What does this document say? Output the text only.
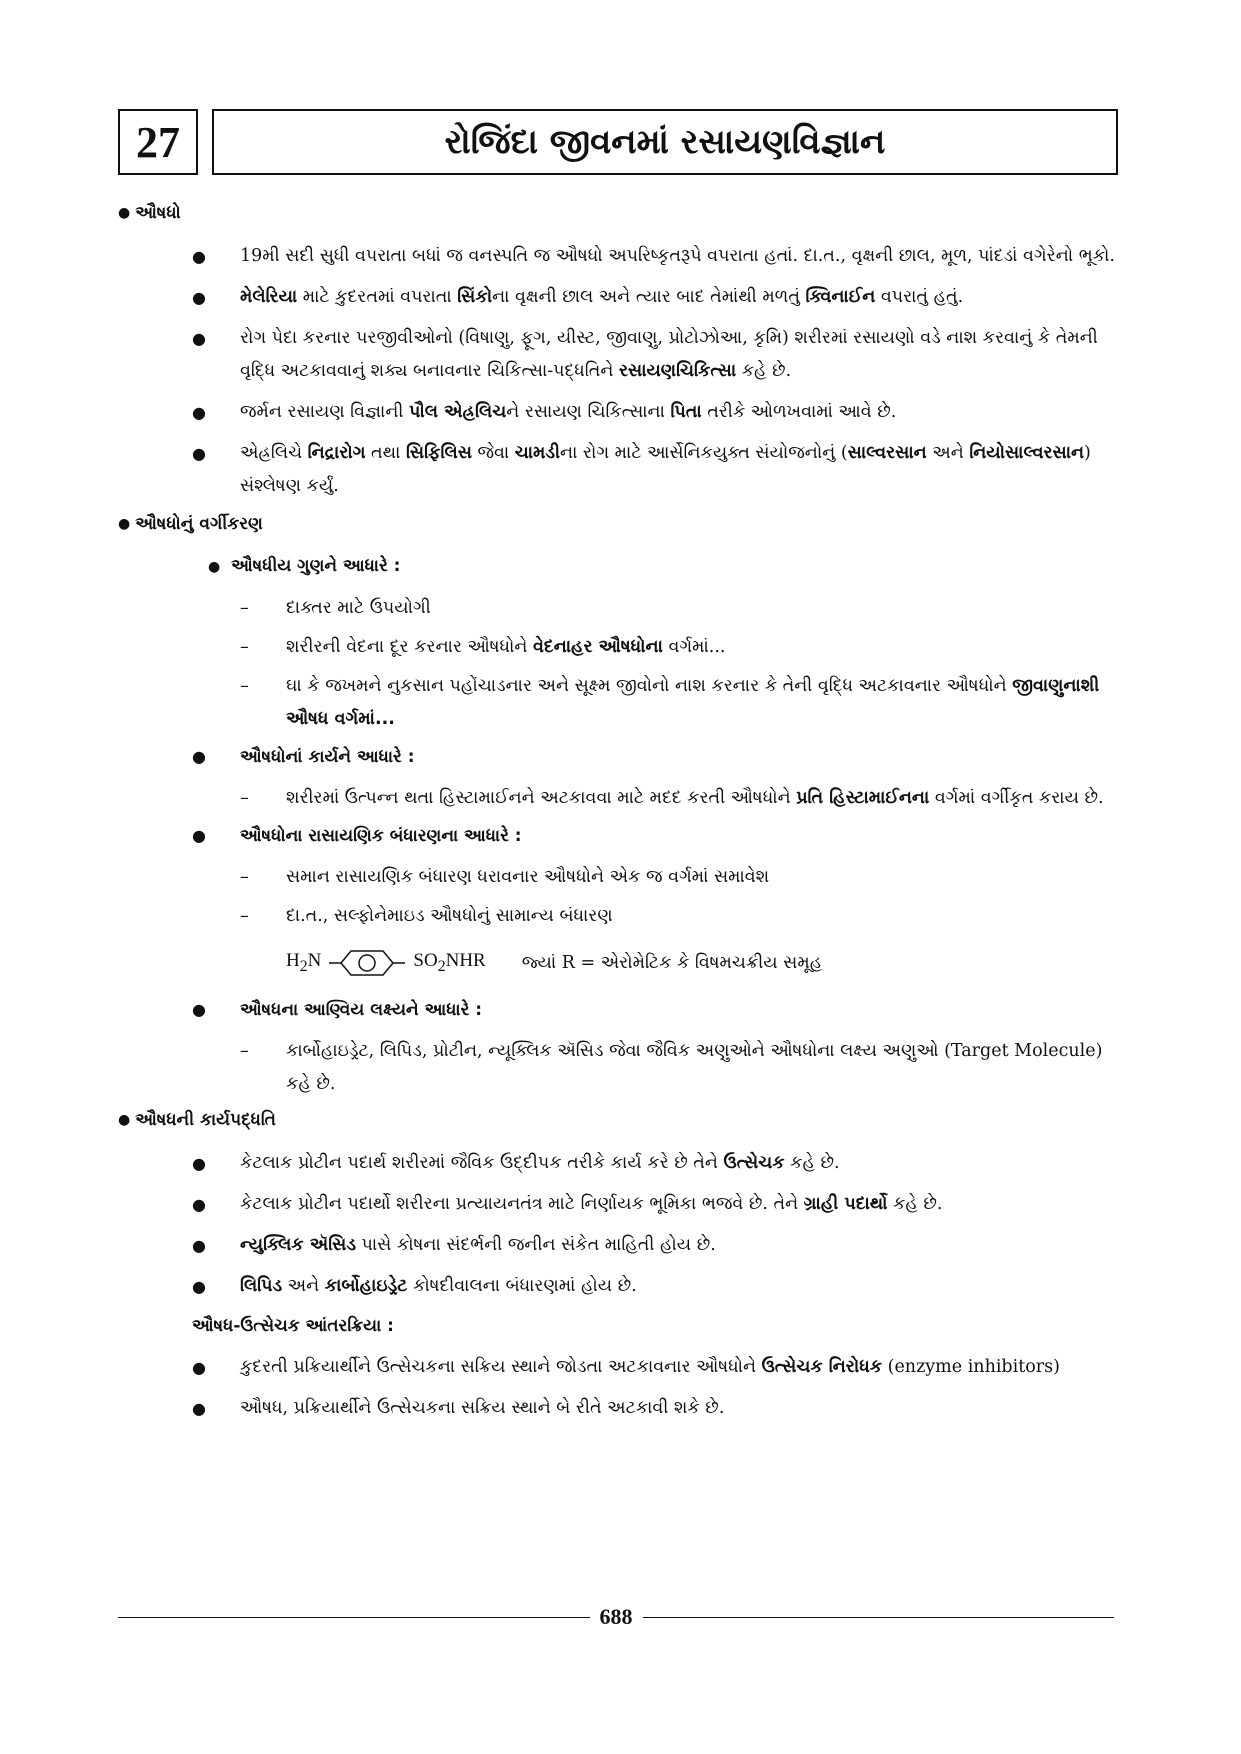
27	રોજિંદા જીવનમાં રસાયણવિજ્ઞાન
● ઔષધો
● 19મી સદી સુધી વપરાતા બધાં જ વનસ્પતિ જ ઔષધો અપરિષ્કૃતરૂપે વપરાતા હતાં. દા.ત., વૃક્ષની છાલ, મૂળ, પાંદડાં વગેરેનો ભૂકો.
● મેલેરિયા માટે કુદરતમાં વપરાતા સિંકોના વૃક્ષની છાલ અને ત્યાર બાદ તેમાંથી મળતું ક્વિનાઈન વપરાતું હતું.
● રોગ પેદા કરનાર પરજીવીઓનો (વિષાણુ, ફૂગ, યીસ્ટ, જીવાણુ, પ્રોટોઝોઆ, કૃમિ) શરીરમાં રસાયણો વડે નાશ કરવાનું કે તેમની વૃદ્ધિ અટકાવવાનું શક્ય બનાવનાર ચિકિત્સા-પદ્ધતિને રસાયણચિકિત્સા કહે છે.
● જર્મન રસાયણ વિજ્ઞાની પૌલ એહ્રલિચને રસાયણ ચિકિત્સાના પિતા તરીકે ઓળખવામાં આવે છે.
● એહ્રલિચે નિદ્રારોગ તથા સિફિલિસ જેવા ચામડીના રોગ માટે આર્સેનિકયુક્ત સંયોજનોનું (સાલ્વરસાન અને નિયોસાલ્વરસાન) સંશ્લેષણ કર્યું.
● ઔષધોનું વર્ગીકરણ
● ઔષધીય ગુણને આધારે :
– દાક્તર માટે ઉપયોગી
– શરીરની વેદના દૂર કરનાર ઔષધોને વેદનાહર ઔષધોના વર્ગમાં...
– ઘા કે જખમને નુકસાન પહોંચાડનાર અને સૂક્ષ્મ જીવોનો નાશ કરનાર કે તેની વૃદ્ધિ અટકાવનાર ઔષધોને જીવાણુનાશી ઔષધ વર્ગમાં...
● ઔષધોનાં કાર્યને આધારે :
– શરીરમાં ઉત્પન્ન થતા હિસ્ટામાઈનને અટકાવવા માટે મદદ કરતી ઔષધોને પ્રતિ હિસ્ટામાઈનના વર્ગમાં વર્ગીકૃત કરાય છે.
● ઔષધોના રાસાયણિક બંધારણના આધારે :
– સમાન રાસાયણિક બંધારણ ધરાવનાર ઔષધોને એક જ વર્ગમાં સમાવેશ
– દા.ત., સલ્ફોનેમાઇડ ઔષધોનું સામાન્ય બંધારણ
$H_2N$	$SO_2NHR$ જ્યાં R = એરોમેટિક કે વિષમચક્રીય સમૂહ
● ઔષધના આણ્વિય લક્ષ્યને આધારે :
– કાર્બોહાઇડ્રેટ, લિપિડ, પ્રોટીન, ન્યૂક્લિક ઍસિડ જેવા જૈવિક અણુઓને ઔષધોના લક્ષ્ય અણુઓ (Target Molecule) કહે છે.
● ઔષધની કાર્યપદ્ધતિ
● કેટલાક પ્રોટીન પદાર્થ શરીરમાં જૈવિક ઉદ્દીપક તરીકે કાર્ય કરે છે તેને ઉત્સેચક કહે છે.
● કેટલાક પ્રોટીન પદાર્થો શરીરના પ્રત્યાયનતંત્ર માટે નિર્ણાયક ભૂમિકા ભજવે છે. તેને ગ્રાહી પદાર્થો કહે છે.
● ન્યુક્લિક ઍસિડ પાસે કોષના સંદર્ભની જનીન સંકેત માહિતી હોય છે.
● લિપિડ અને કાર્બોહાઇડ્રેટ કોષદીવાલના બંધારણમાં હોય છે.
ઔષધ-ઉત્સેચક આંતરક્રિયા :
● કુદરતી પ્રક્રિયાર્થીને ઉત્સેચકના સક્રિય સ્થાને જોડતા અટકાવનાર ઔષધોને ઉત્સેચક નિરોધક (enzyme inhibitors)
● ઔષધ, પ્રક્રિયાર્થીને ઉત્સેચકના સક્રિય સ્થાને બે રીતે અટકાવી શકે છે.
688
